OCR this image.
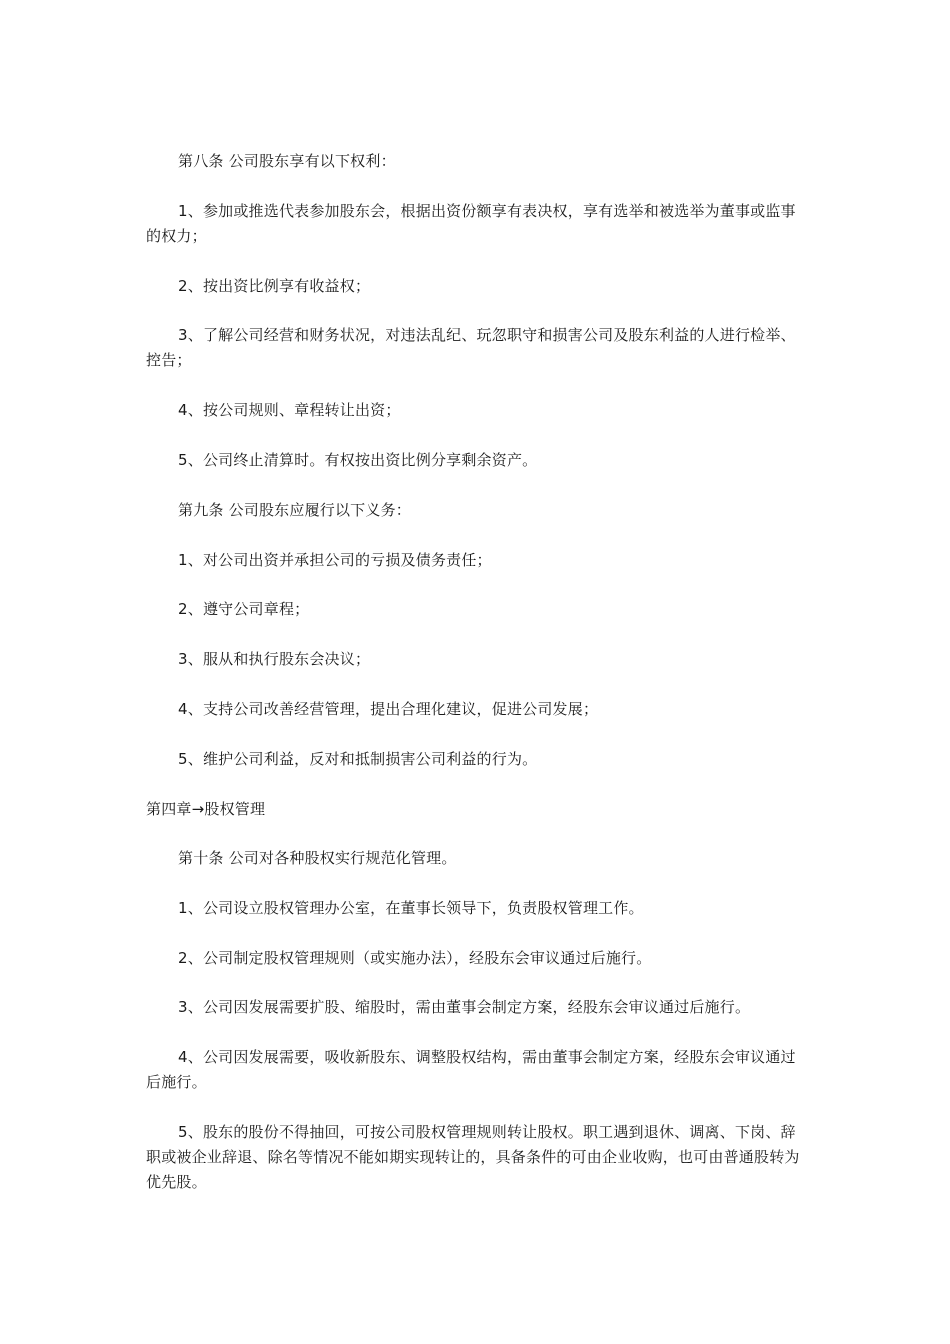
第八条 公司股东享有以下权利：

1、参加或推选代表参加股东会，根据出资份额享有表决权，享有选举和被选举为董事或监事的权力；

2、按出资比例享有收益权；

3、了解公司经营和财务状况，对违法乱纪、玩忽职守和损害公司及股东利益的人进行检举、控告；

4、按公司规则、章程转让出资；

5、公司终止清算时。有权按出资比例分享剩余资产。

第九条 公司股东应履行以下义务：

1、对公司出资并承担公司的亏损及债务责任；

2、遵守公司章程；

3、服从和执行股东会决议；

4、支持公司改善经营管理，提出合理化建议，促进公司发展；

5、维护公司利益，反对和抵制损害公司利益的行为。

第四章→股权管理

第十条 公司对各种股权实行规范化管理。

1、公司设立股权管理办公室，在董事长领导下，负责股权管理工作。

2、公司制定股权管理规则（或实施办法），经股东会审议通过后施行。

3、公司因发展需要扩股、缩股时，需由董事会制定方案，经股东会审议通过后施行。

4、公司因发展需要，吸收新股东、调整股权结构，需由董事会制定方案，经股东会审议通过后施行。

5、股东的股份不得抽回，可按公司股权管理规则转让股权。职工遇到退休、调离、下岗、辞职或被企业辞退、除名等情况不能如期实现转让的，具备条件的可由企业收购，也可由普通股转为优先股。
